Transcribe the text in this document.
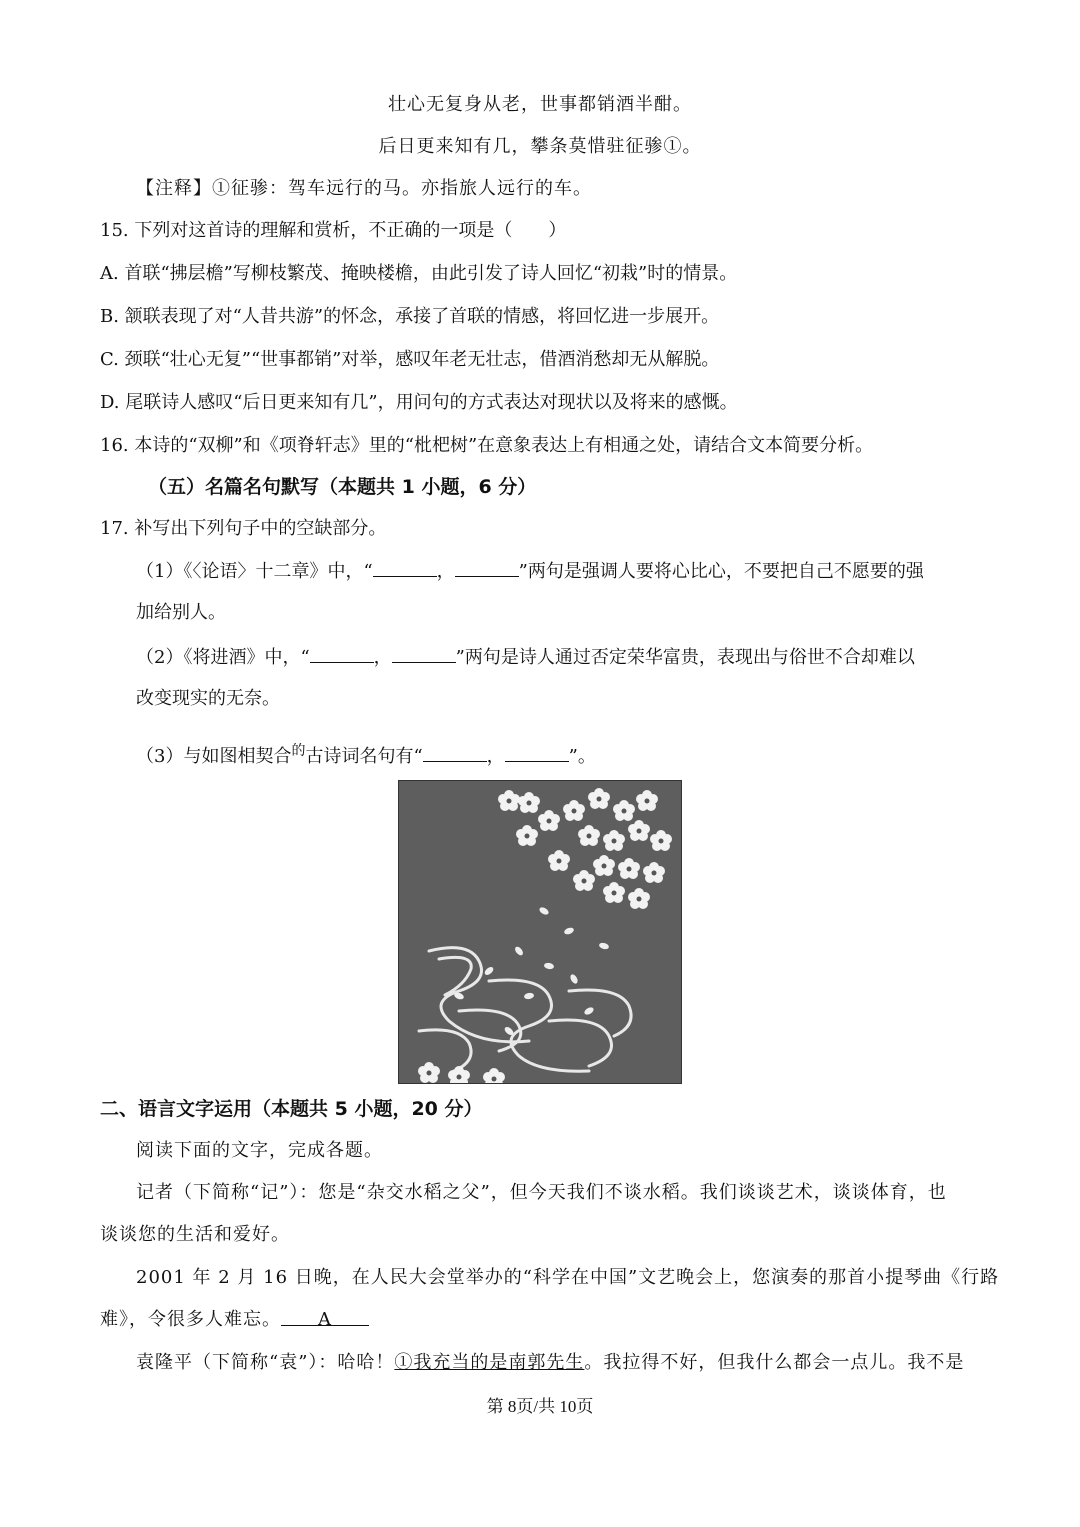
壮心无复身从老，世事都销酒半酣。
后日更来知有几，攀条莫惜驻征骖①。
【注释】①征骖：驾车远行的马。亦指旅人远行的车。
15. 下列对这首诗的理解和赏析，不正确的一项是（　　）
A. 首联“拂层檐”写柳枝繁茂、掩映楼檐，由此引发了诗人回忆“初栽”时的情景。
B. 颔联表现了对“人昔共游”的怀念，承接了首联的情感，将回忆进一步展开。
C. 颈联“壮心无复”“世事都销”对举，感叹年老无壮志，借酒消愁却无从解脱。
D. 尾联诗人感叹“后日更来知有几”，用问句的方式表达对现状以及将来的感慨。
16. 本诗的“双柳”和《项脊轩志》里的“枇杷树”在意象表达上有相通之处，请结合文本简要分析。
（五）名篇名句默写（本题共 1 小题，6 分）
17. 补写出下列句子中的空缺部分。
（1）《〈论语〉十二章》中，“	，	”两句是强调人要将心比心，不要把自己不愿要的强
加给别人。
（2）《将进酒》中，“	，	”两句是诗人通过否定荣华富贵，表现出与俗世不合却难以
改变现实的无奈。
（3）与如图相契合$^的$古诗词名句有“	，	”。
二、语言文字运用（本题共 5 小题，20 分）
阅读下面的文字，完成各题。
记者（下简称“记”）：您是“杂交水稻之父”，但今天我们不谈水稻。我们谈谈艺术，谈谈体育，也
谈谈您的生活和爱好。
2001 年 2 月 16 日晚，在人民大会堂举办的“科学在中国”文艺晚会上，您演奏的那首小提琴曲《行路
难》，令很多人难忘。 A
袁隆平（下简称“袁”）：哈哈！①我充当的是南郭先生。我拉得不好，但我什么都会一点儿。我不是
第 8页/共 10页
